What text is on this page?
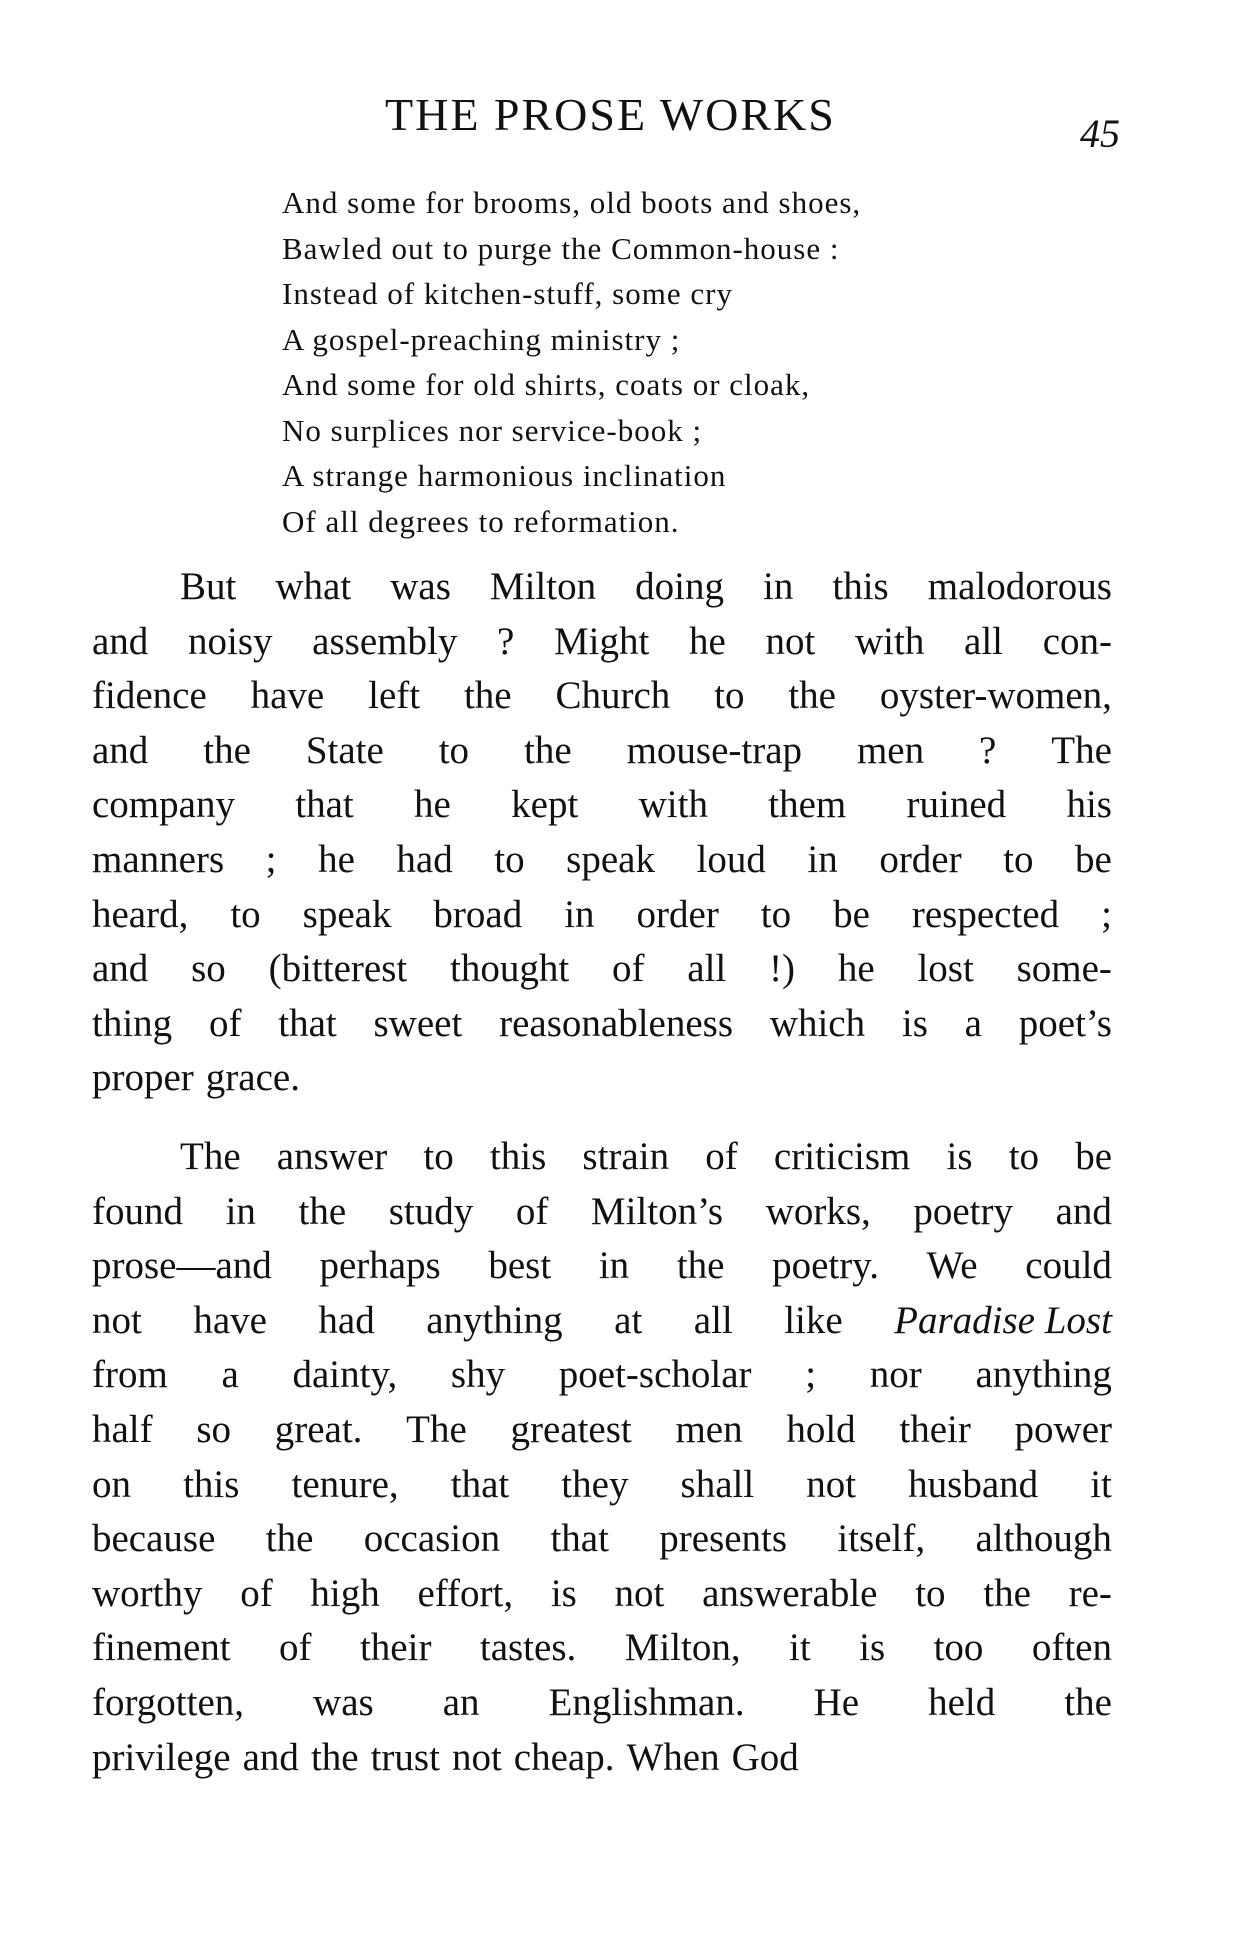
THE PROSE WORKS	45
And some for brooms, old boots and shoes,
Bawled out to purge the Common-house :
Instead of kitchen-stuff, some cry
A gospel-preaching ministry ;
And some for old shirts, coats or cloak,
No surplices nor service-book ;
A strange harmonious inclination
Of all degrees to reformation.
But what was Milton doing in this malodorous
and noisy assembly ? Might he not with all con-
fidence have left the Church to the oyster-women,
and the State to the mouse-trap men ? The
company that he kept with them ruined his
manners ; he had to speak loud in order to be
heard, to speak broad in order to be respected ;
and so (bitterest thought of all !) he lost some-
thing of that sweet reasonableness which is a poet’s
proper grace.
The answer to this strain of criticism is to be
found in the study of Milton’s works, poetry and
prose—and perhaps best in the poetry. We could
not have had anything at all like Paradise Lost
from a dainty, shy poet-scholar ; nor anything
half so great. The greatest men hold their power
on this tenure, that they shall not husband it
because the occasion that presents itself, although
worthy of high effort, is not answerable to the re-
finement of their tastes. Milton, it is too often
forgotten, was an Englishman. He held the
privilege and the trust not cheap. When God
